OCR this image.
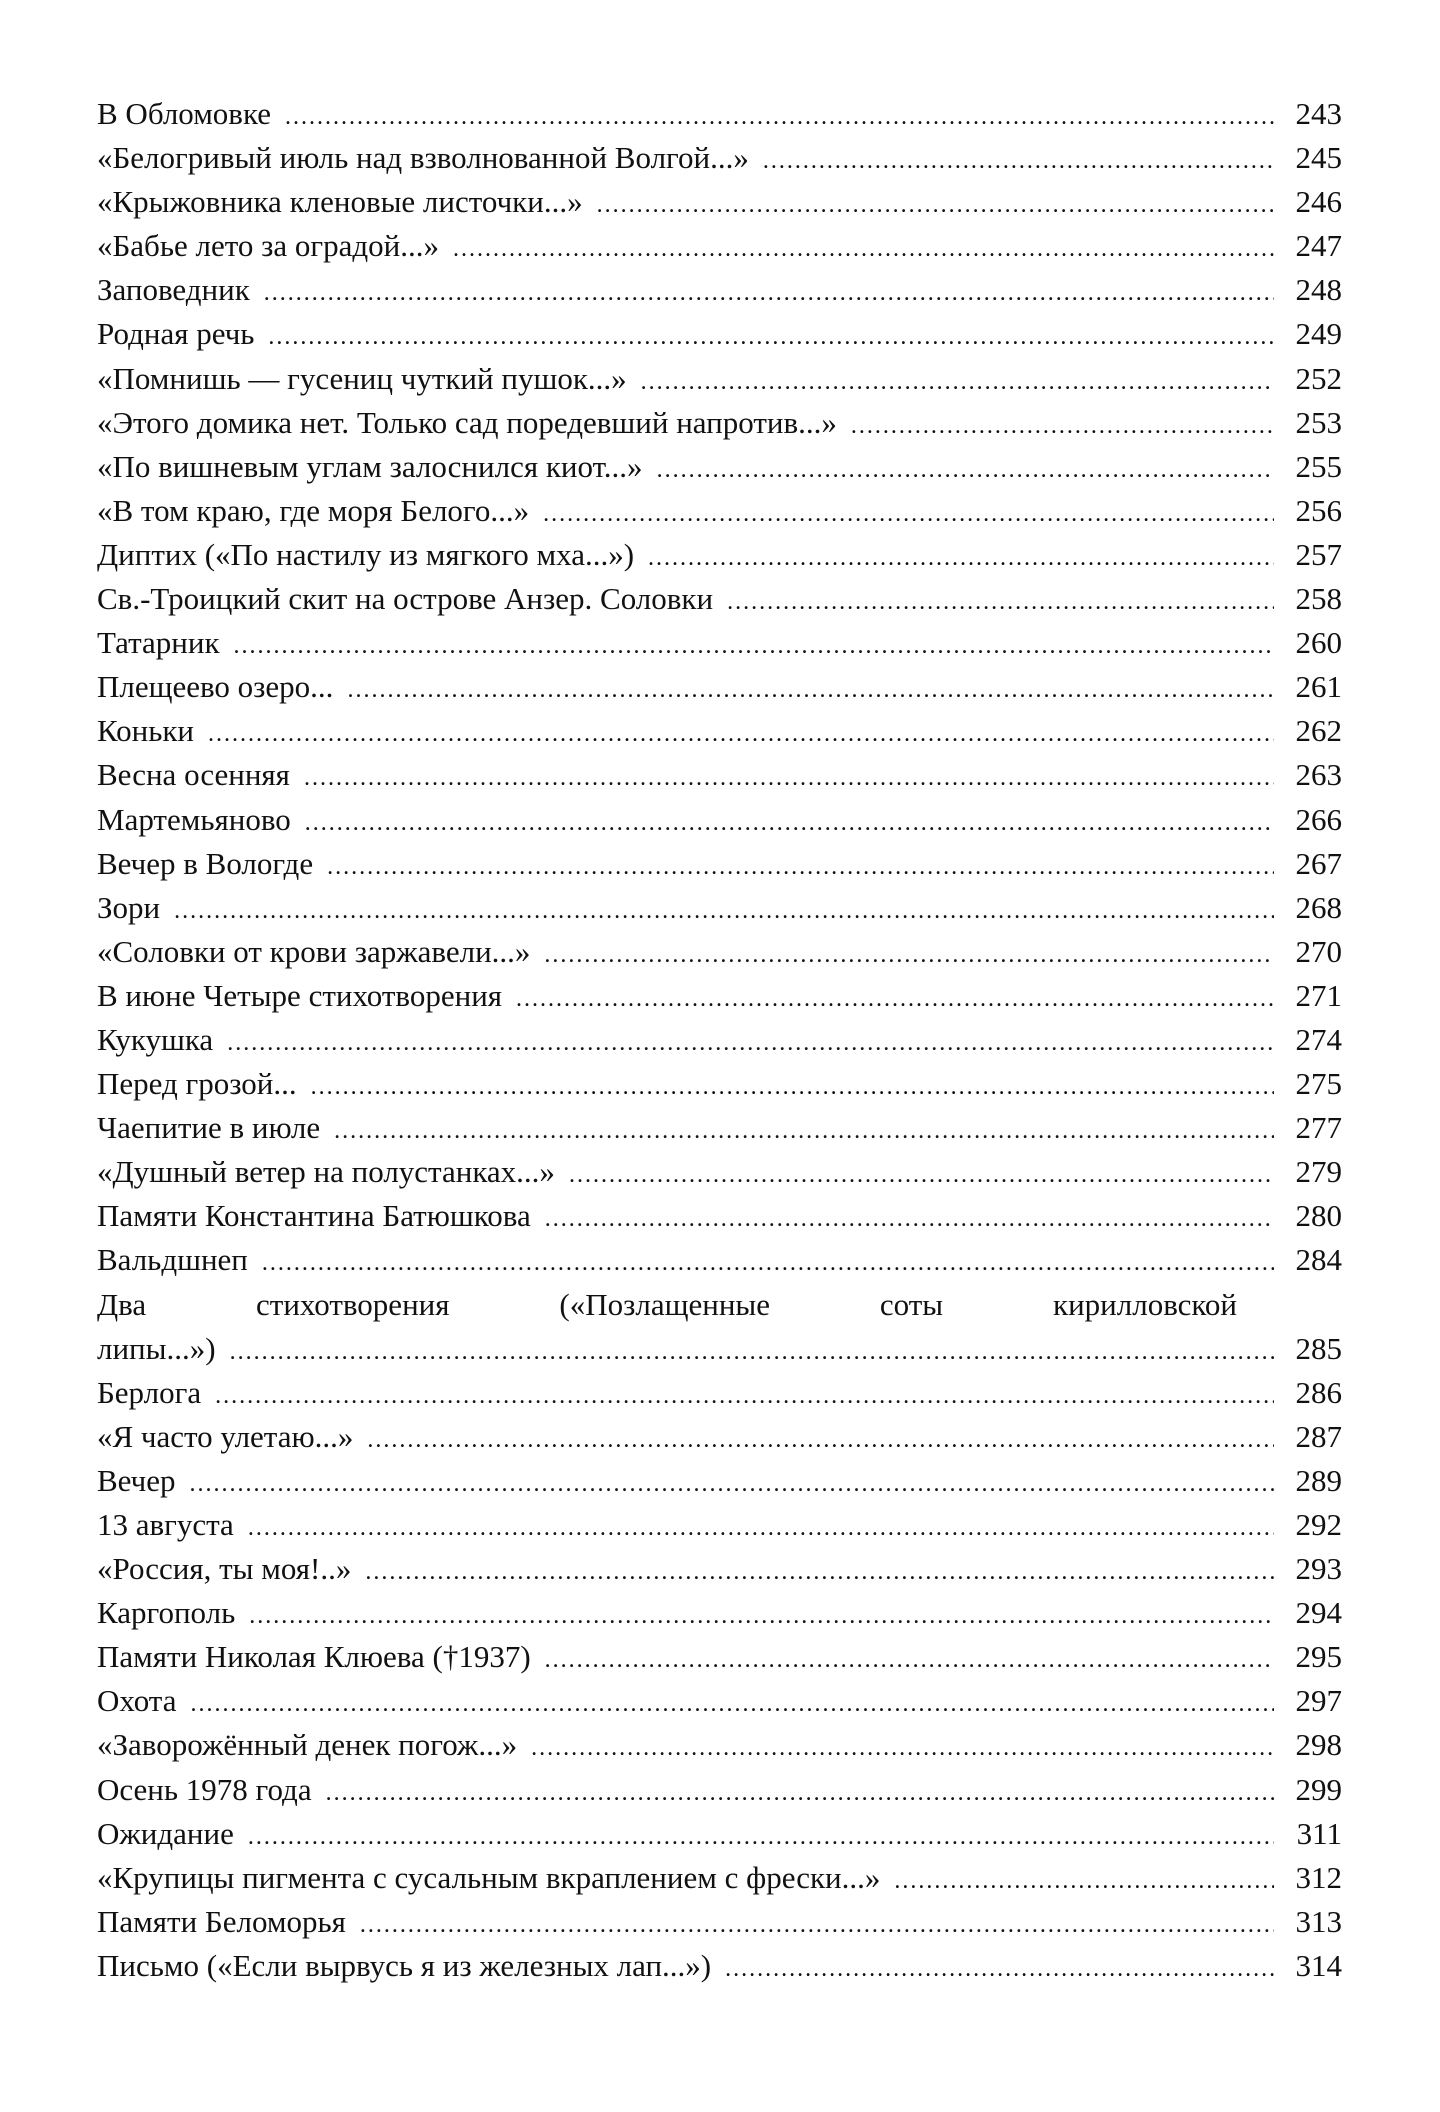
В Обломовке .....	243
«Белогривый июль над взволнованной Волгой...» .....	245
«Крыжовника кленовые листочки...» .....	246
«Бабье лето за оградой...» .....	247
Заповедник .....	248
Родная речь .....	249
«Помнишь — гусениц чуткий пушок...» .....	252
«Этого домика нет. Только сад поредевший напротив...» .....	253
«По вишневым углам залоснился киот...» .....	255
«В том краю, где моря Белого...» .....	256
Диптих («По настилу из мягкого мха...») .....	257
Св.-Троицкий скит на острове Анзер. Соловки .....	258
Татарник .....	260
Плещеево озеро... .....	261
Коньки .....	262
Весна осенняя .....	263
Мартемьяново .....	266
Вечер в Вологде .....	267
Зори .....	268
«Соловки от крови заржавели...» .....	270
В июне Четыре стихотворения .....	271
Кукушка .....	274
Перед грозой... .....	275
Чаепитие в июле .....	277
«Душный ветер на полустанках...» .....	279
Памяти Константина Батюшкова .....	280
Вальдшнеп .....	284
Два стихотворения («Позлащенные соты кирилловской
липы...») .....	285
Берлога .....	286
«Я часто улетаю...» .....	287
Вечер .....	289
13 августа .....	292
«Россия, ты моя!..» .....	293
Каргополь .....	294
Памяти Николая Клюева (†1937) .....	295
Охота .....	297
«Заворожённый денек погож...» .....	298
Осень 1978 года .....	299
Ожидание .....	311
«Крупицы пигмента с сусальным вкраплением с фрески...» .....	312
Памяти Беломорья .....	313
Письмо («Если вырвусь я из железных лап...») .....	314
